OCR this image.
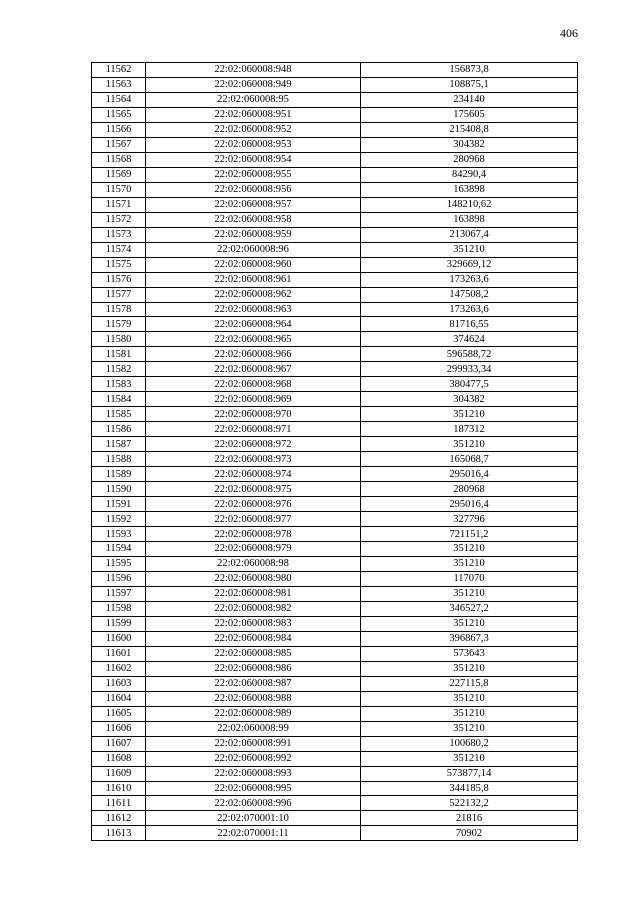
406
11562	22:02:060008:948	156873,8
11563	22:02:060008:949	108875,1
11564	22:02:060008:95	234140
11565	22:02:060008:951	175605
11566	22:02:060008:952	215408,8
11567	22:02:060008:953	304382
11568	22:02:060008:954	280968
11569	22:02:060008:955	84290,4
11570	22:02:060008:956	163898
11571	22:02:060008:957	148210,62
11572	22:02:060008:958	163898
11573	22:02:060008:959	213067,4
11574	22:02:060008:96	351210
11575	22:02:060008:960	329669,12
11576	22:02:060008:961	173263,6
11577	22:02:060008:962	147508,2
11578	22:02:060008:963	173263,6
11579	22:02:060008:964	81716,55
11580	22:02:060008:965	374624
11581	22:02:060008:966	596588,72
11582	22:02:060008:967	299933,34
11583	22:02:060008:968	380477,5
11584	22:02:060008:969	304382
11585	22:02:060008:970	351210
11586	22:02:060008:971	187312
11587	22:02:060008:972	351210
11588	22:02:060008:973	165068,7
11589	22:02:060008:974	295016,4
11590	22:02:060008:975	280968
11591	22:02:060008:976	295016,4
11592	22:02:060008:977	327796
11593	22:02:060008:978	721151,2
11594	22:02:060008:979	351210
11595	22:02:060008:98	351210
11596	22:02:060008:980	117070
11597	22:02:060008:981	351210
11598	22:02:060008:982	346527,2
11599	22:02:060008:983	351210
11600	22:02:060008:984	396867,3
11601	22:02:060008:985	573643
11602	22:02:060008:986	351210
11603	22:02:060008:987	227115,8
11604	22:02:060008:988	351210
11605	22:02:060008:989	351210
11606	22:02:060008:99	351210
11607	22:02:060008:991	100680,2
11608	22:02:060008:992	351210
11609	22:02:060008:993	573877,14
11610	22:02:060008:995	344185,8
11611	22:02:060008:996	522132,2
11612	22:02:070001:10	21816
11613	22:02:070001:11	70902
